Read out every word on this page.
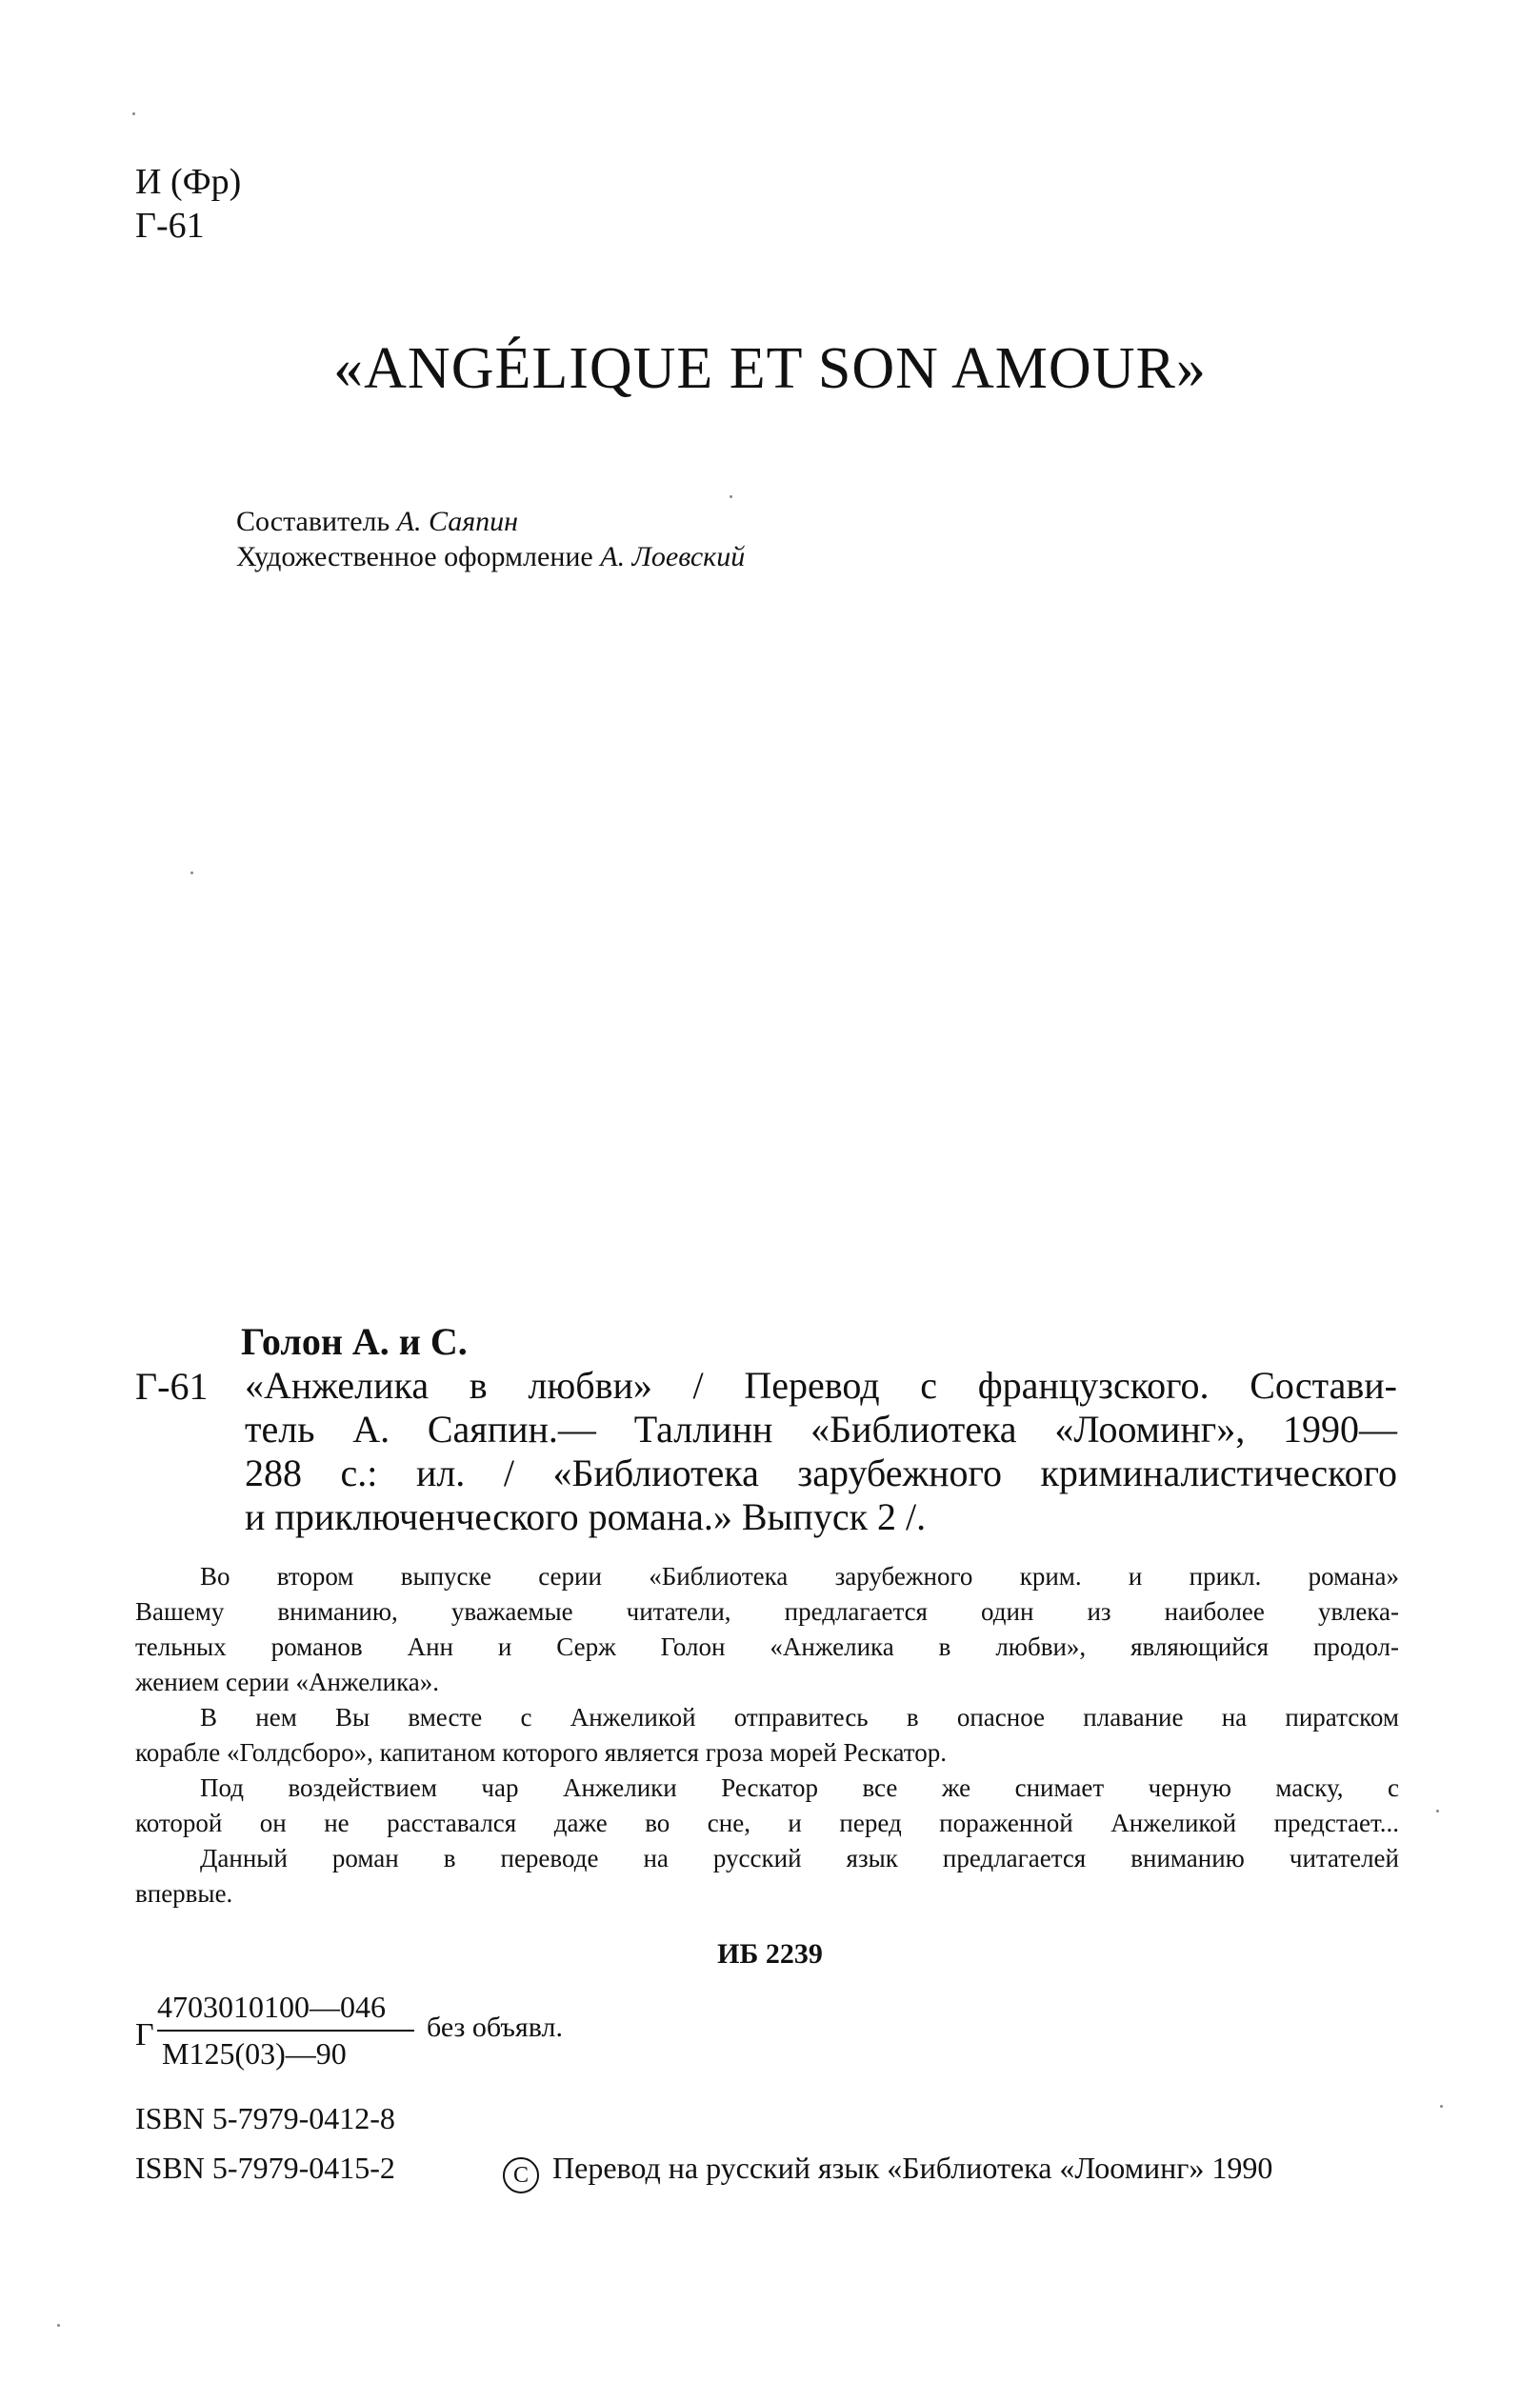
И (Фр)
Г-61
«ANGÉLIQUE ET SON AMOUR»
Составитель А. Саяпин
Художественное оформление А. Лоевский
Голон А. и С.
Г-61 «Анжелика в любви» / Перевод с французского. Состави-
тель А. Саяпин.— Таллинн «Библиотека «Лооминг», 1990—
288 с.: ил. / «Библиотека зарубежного криминалистического
и приключенческого романа.» Выпуск 2 /.
Во втором выпуске серии «Библиотека зарубежного крим. и прикл. романа»
Вашему вниманию, уважаемые читатели, предлагается один из наиболее увлека-
тельных романов Анн и Серж Голон «Анжелика в любви», являющийся продол-
жением серии «Анжелика».
В нем Вы вместе с Анжеликой отправитесь в опасное плавание на пиратском
корабле «Голдсборо», капитаном которого является гроза морей Рескатор.
Под воздействием чар Анжелики Рескатор все же снимает черную маску, с
которой он не расставался даже во сне, и перед пораженной Анжеликой предстает...
Данный роман в переводе на русский язык предлагается вниманию читателей
впервые.
ИБ 2239
Г
4703010100—046
М125(03)—90
без объявл.
ISBN 5-7979-0412-8
ISBN 5-7979-0415-2	C Перевод на русский язык «Библиотека «Лооминг» 1990
